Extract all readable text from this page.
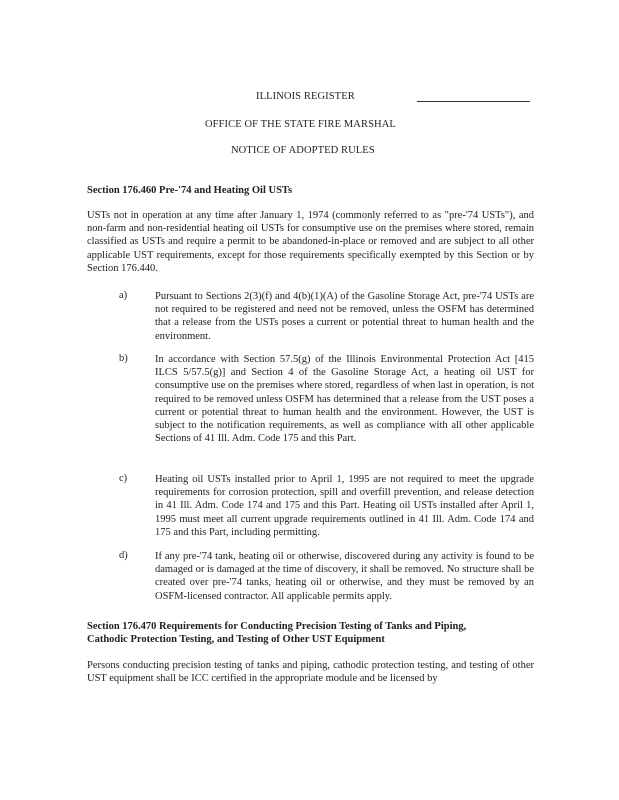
ILLINOIS REGISTER
OFFICE OF THE STATE FIRE MARSHAL
NOTICE OF ADOPTED RULES
Section 176.460 Pre-'74 and Heating Oil USTs
USTs not in operation at any time after January 1, 1974 (commonly referred to as "pre-'74 USTs"), and non-farm and non-residential heating oil USTs for consumptive use on the premises where stored, remain classified as USTs and require a permit to be abandoned-in-place or removed and are subject to all other applicable UST requirements, except for those requirements specifically exempted by this Section or by Section 176.440.
a)	Pursuant to Sections 2(3)(f) and 4(b)(1)(A) of the Gasoline Storage Act, pre-'74 USTs are not required to be registered and need not be removed, unless the OSFM has determined that a release from the USTs poses a current or potential threat to human health and the environment.
b)	In accordance with Section 57.5(g) of the Illinois Environmental Protection Act [415 ILCS 5/57.5(g)] and Section 4 of the Gasoline Storage Act, a heating oil UST for consumptive use on the premises where stored, regardless of when last in operation, is not required to be removed unless OSFM has determined that a release from the UST poses a current or potential threat to human health and the environment. However, the UST is subject to the notification requirements, as well as compliance with all other applicable Sections of 41 Ill. Adm. Code 175 and this Part.
c)	Heating oil USTs installed prior to April 1, 1995 are not required to meet the upgrade requirements for corrosion protection, spill and overfill prevention, and release detection in 41 Ill. Adm. Code 174 and 175 and this Part. Heating oil USTs installed after April 1, 1995 must meet all current upgrade requirements outlined in 41 Ill. Adm. Code 174 and 175 and this Part, including permitting.
d)	If any pre-'74 tank, heating oil or otherwise, discovered during any activity is found to be damaged or is damaged at the time of discovery, it shall be removed. No structure shall be created over pre-'74 tanks, heating oil or otherwise, and they must be removed by an OSFM-licensed contractor. All applicable permits apply.
Section 176.470 Requirements for Conducting Precision Testing of Tanks and Piping,
Cathodic Protection Testing, and Testing of Other UST Equipment
Persons conducting precision testing of tanks and piping, cathodic protection testing, and testing of other UST equipment shall be ICC certified in the appropriate module and be licensed by
